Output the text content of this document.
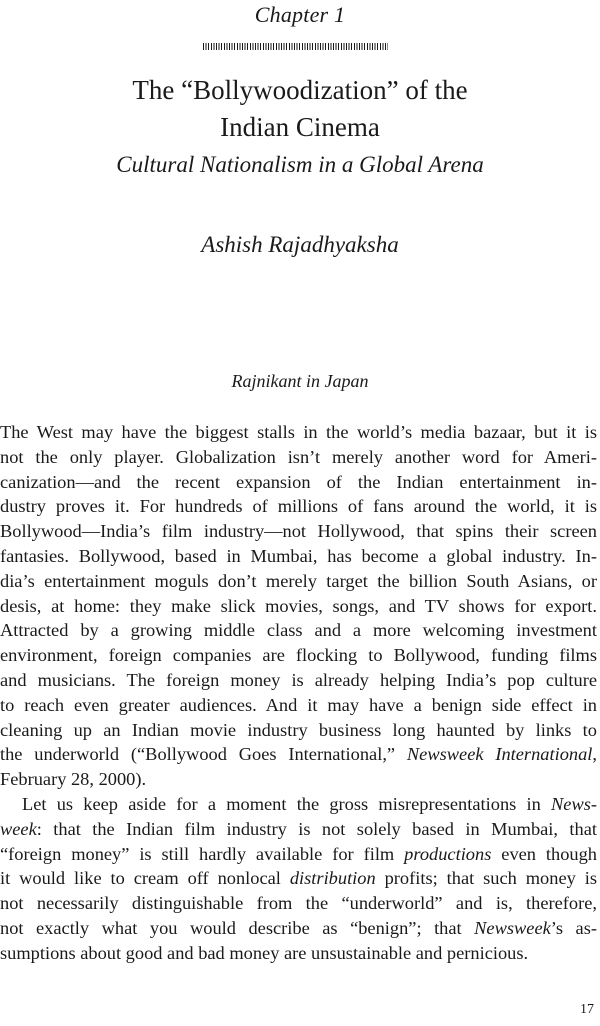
Chapter 1
The “Bollywoodization” of the
Indian Cinema
Cultural Nationalism in a Global Arena
Ashish Rajadhyaksha
Rajnikant in Japan
The West may have the biggest stalls in the world’s media bazaar, but it is
not the only player. Globalization isn’t merely another word for Ameri-
canization—and the recent expansion of the Indian entertainment in-
dustry proves it. For hundreds of millions of fans around the world, it is
Bollywood—India’s film industry—not Hollywood, that spins their screen
fantasies. Bollywood, based in Mumbai, has become a global industry. In-
dia’s entertainment moguls don’t merely target the billion South Asians, or
desis, at home: they make slick movies, songs, and TV shows for export.
Attracted by a growing middle class and a more welcoming investment
environment, foreign companies are flocking to Bollywood, funding films
and musicians. The foreign money is already helping India’s pop culture
to reach even greater audiences. And it may have a benign side effect in
cleaning up an Indian movie industry business long haunted by links to
the underworld (“Bollywood Goes International,” Newsweek International,
February 28, 2000).
Let us keep aside for a moment the gross misrepresentations in News-
week: that the Indian film industry is not solely based in Mumbai, that
“foreign money” is still hardly available for film productions even though
it would like to cream off nonlocal distribution profits; that such money is
not necessarily distinguishable from the “underworld” and is, therefore,
not exactly what you would describe as “benign”; that Newsweek’s as-
sumptions about good and bad money are unsustainable and pernicious.
17
